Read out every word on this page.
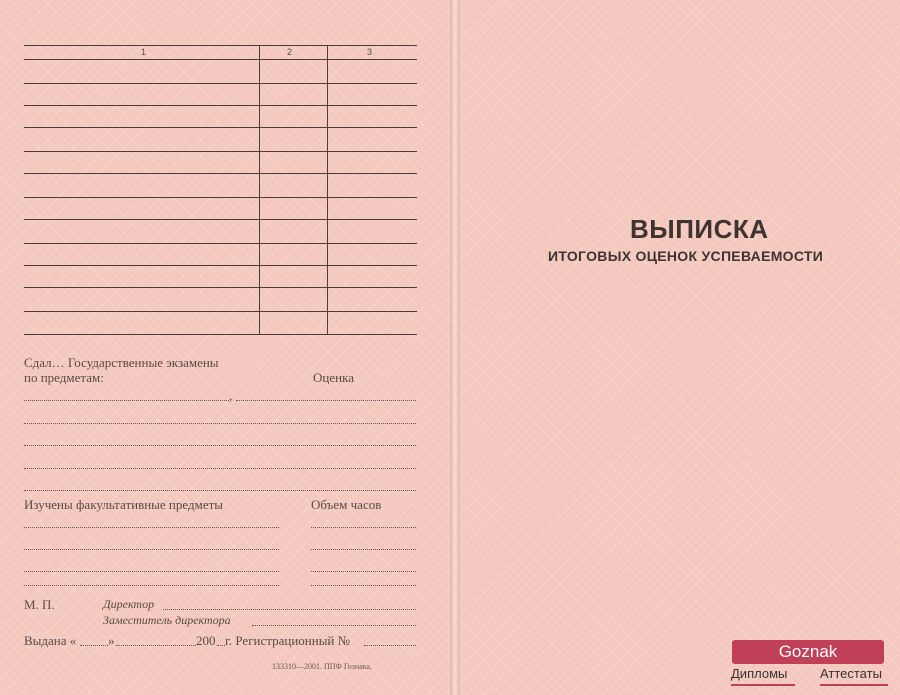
1	2	3
Сдал… Государственные экзамены
по предметам:	Оценка
,
Изучены факультативные предметы	Объем часов
М. П.	Директор
Заместитель директора
Выдана « »	200 г. Регистрационный №
133310—2001. ППФ Гознака.
ВЫПИСКА
ИТОГОВЫХ ОЦЕНОК УСПЕВАЕМОСТИ
Goznak
Дипломы	Аттестаты
